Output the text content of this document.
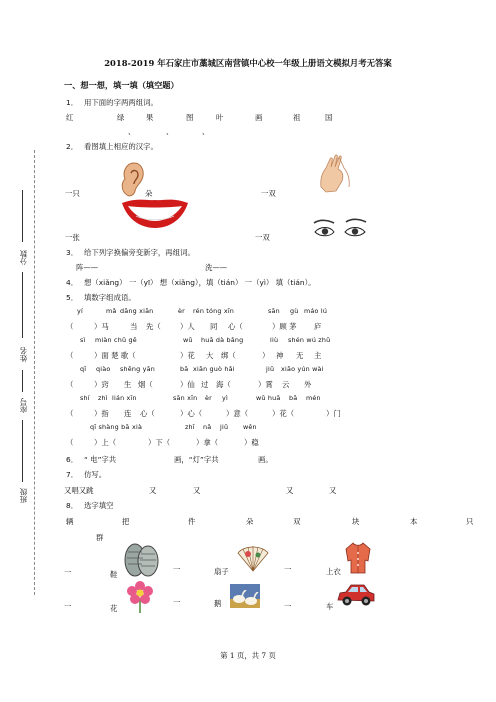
2018-2019 年石家庄市藁城区南营镇中心校一年级上册语文模拟月考无答案
一、想一想，填一填（填空题）
1． 用下面的字两两组词。
红	绿	果	图	叶	画	祖	国
、	、	、
2． 看图填上相应的汉字。
一只	朵	一双
一张	一双
3． 给下列字换偏旁变新字，再组词。
阵——	洗——
4． 想（xiǎng） 一（yī） 想（xiǎng），填（tián） 一（yì） 填（tián）。
5． 填数字组成语。
yí	mǎ dāng xiān	èr rén tóng xīn	sān gù máo lú
（	）马	当 先（	）人 同 心（	）顾 茅 庐
sì miàn chǔ gē	wǔ huā dà bǎng	liù shén wú zhǔ
（	）面 楚 歌（	）花 大 绑（	） 神 无 主
qī qiào shēng yān	bā xiān guò hǎi	jiǔ xiāo yún wài
（	）窍 生 烟（	）仙 过 海（	）霄 云 外
shí zhì lián xīn	sān xīn èr yì	wǔ huā bā mén
（	）指 连 心（	）心（	）意（	）花（	）门
qī shàng bā xià	zhī nǎ jiǔ wěn
（	）上（	）下（	）拿（	）稳
6． “ 电”字共	画，“灯”字共	画。
7． 仿写。
又唱又跳	又	又	又	又
8． 选字填空
辆	把	件	朵	双	块	本	只
群
一	鞋
一	扇子	一	上衣
一	花
一	鹅	一	车
分数
姓名
座号
班级
第 1 页，共 7 页
